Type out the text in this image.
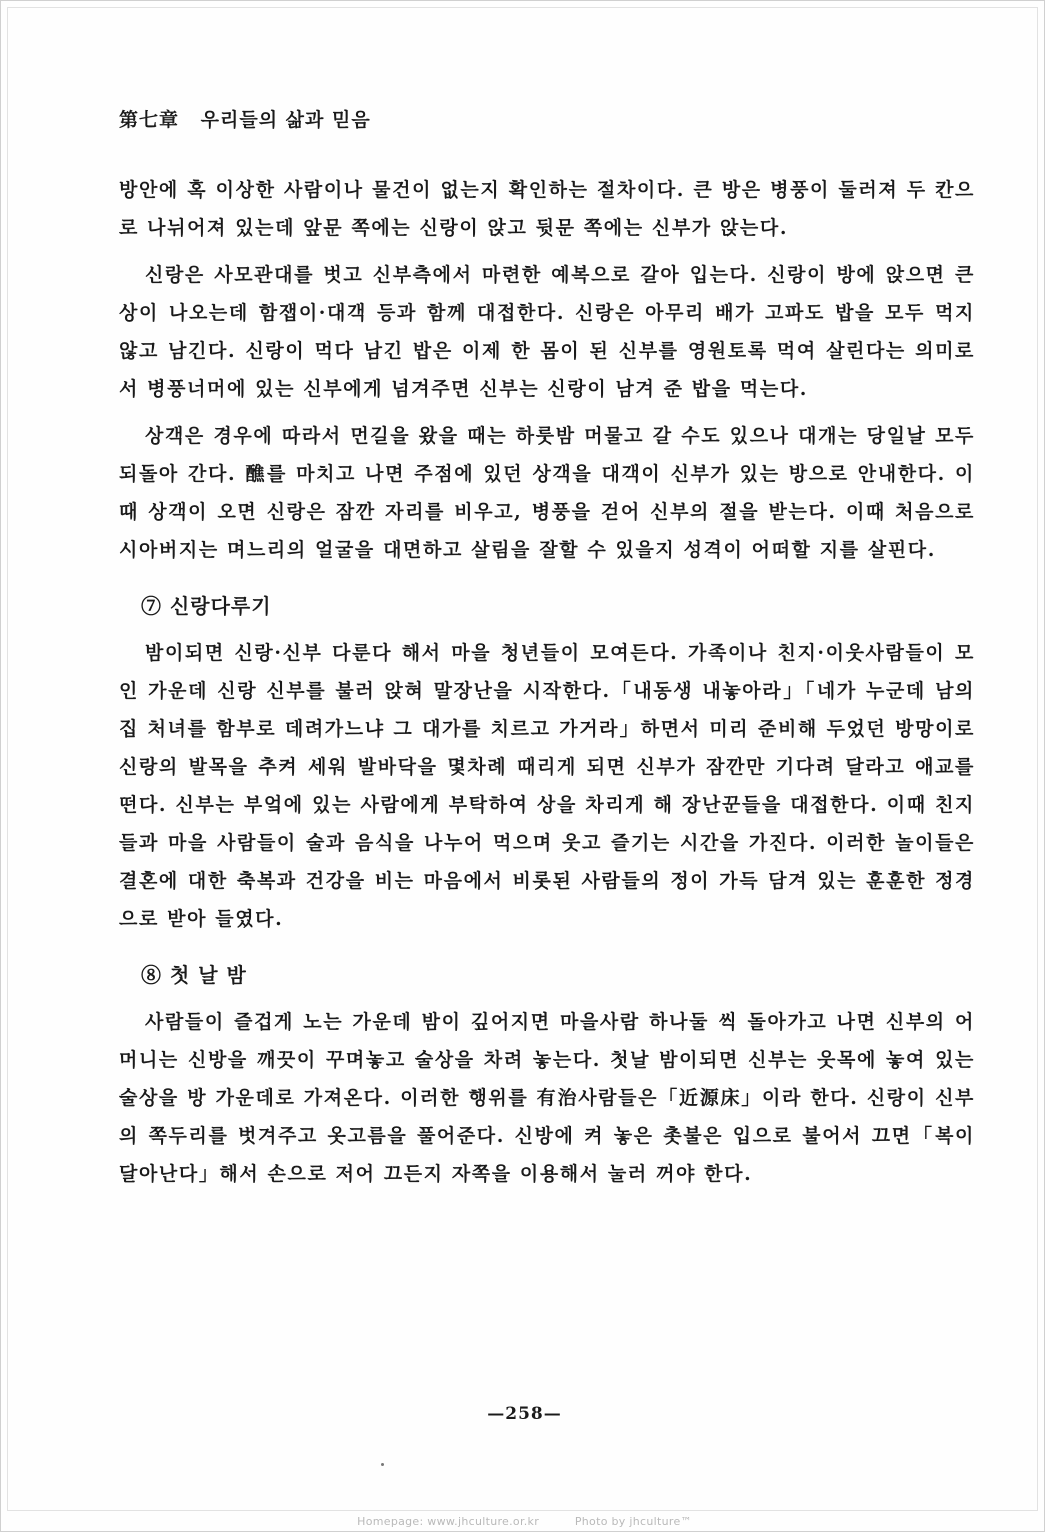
第七章 우리들의 삶과 믿음

방안에 혹 이상한 사람이나 물건이 없는지 확인하는 절차이다. 큰 방은 병풍이 둘러져 두 칸으로 나뉘어져 있는데 앞문 쪽에는 신랑이 앉고 뒷문 쪽에는 신부가 앉는다.

신랑은 사모관대를 벗고 신부측에서 마련한 예복으로 갈아 입는다. 신랑이 방에 앉으면 큰 상이 나오는데 함잽이·대객 등과 함께 대접한다. 신랑은 아무리 배가 고파도 밥을 모두 먹지 않고 남긴다. 신랑이 먹다 남긴 밥은 이제 한 몸이 된 신부를 영원토록 먹여 살린다는 의미로서 병풍너머에 있는 신부에게 넘겨주면 신부는 신랑이 남겨 준 밥을 먹는다.

상객은 경우에 따라서 먼길을 왔을 때는 하룻밤 머물고 갈 수도 있으나 대개는 당일날 모두 되돌아 간다. 醮를 마치고 나면 주점에 있던 상객을 대객이 신부가 있는 방으로 안내한다. 이때 상객이 오면 신랑은 잠깐 자리를 비우고, 병풍을 걷어 신부의 절을 받는다. 이때 처음으로 시아버지는 며느리의 얼굴을 대면하고 살림을 잘할 수 있을지 성격이 어떠할 지를 살핀다.

⑦ 신랑다루기

밤이되면 신랑·신부 다룬다 해서 마을 청년들이 모여든다. 가족이나 친지·이웃사람들이 모인 가운데 신랑 신부를 불러 앉혀 말장난을 시작한다.「내동생 내놓아라」「네가 누군데 남의 집 처녀를 함부로 데려가느냐 그 대가를 치르고 가거라」하면서 미리 준비해 두었던 방망이로 신랑의 발목을 추켜 세워 발바닥을 몇차례 때리게 되면 신부가 잠깐만 기다려 달라고 애교를 떤다. 신부는 부엌에 있는 사람에게 부탁하여 상을 차리게 해 장난꾼들을 대접한다. 이때 친지들과 마을 사람들이 술과 음식을 나누어 먹으며 웃고 즐기는 시간을 가진다. 이러한 놀이들은 결혼에 대한 축복과 건강을 비는 마음에서 비롯된 사람들의 정이 가득 담겨 있는 훈훈한 정경으로 받아 들였다.

⑧ 첫 날 밤

사람들이 즐겁게 노는 가운데 밤이 깊어지면 마을사람 하나둘 씩 돌아가고 나면 신부의 어머니는 신방을 깨끗이 꾸며놓고 술상을 차려 놓는다. 첫날 밤이되면 신부는 웃목에 놓여 있는 술상을 방 가운데로 가져온다. 이러한 행위를 有治사람들은「近源床」이라 한다. 신랑이 신부의 쪽두리를 벗겨주고 옷고름을 풀어준다. 신방에 켜 놓은 촛불은 입으로 불어서 끄면「복이 달아난다」해서 손으로 저어 끄든지 자쪽을 이용해서 눌러 꺼야 한다.

—258—
Homepage: www.jhculture.or.kr	Photo by jhculture™
